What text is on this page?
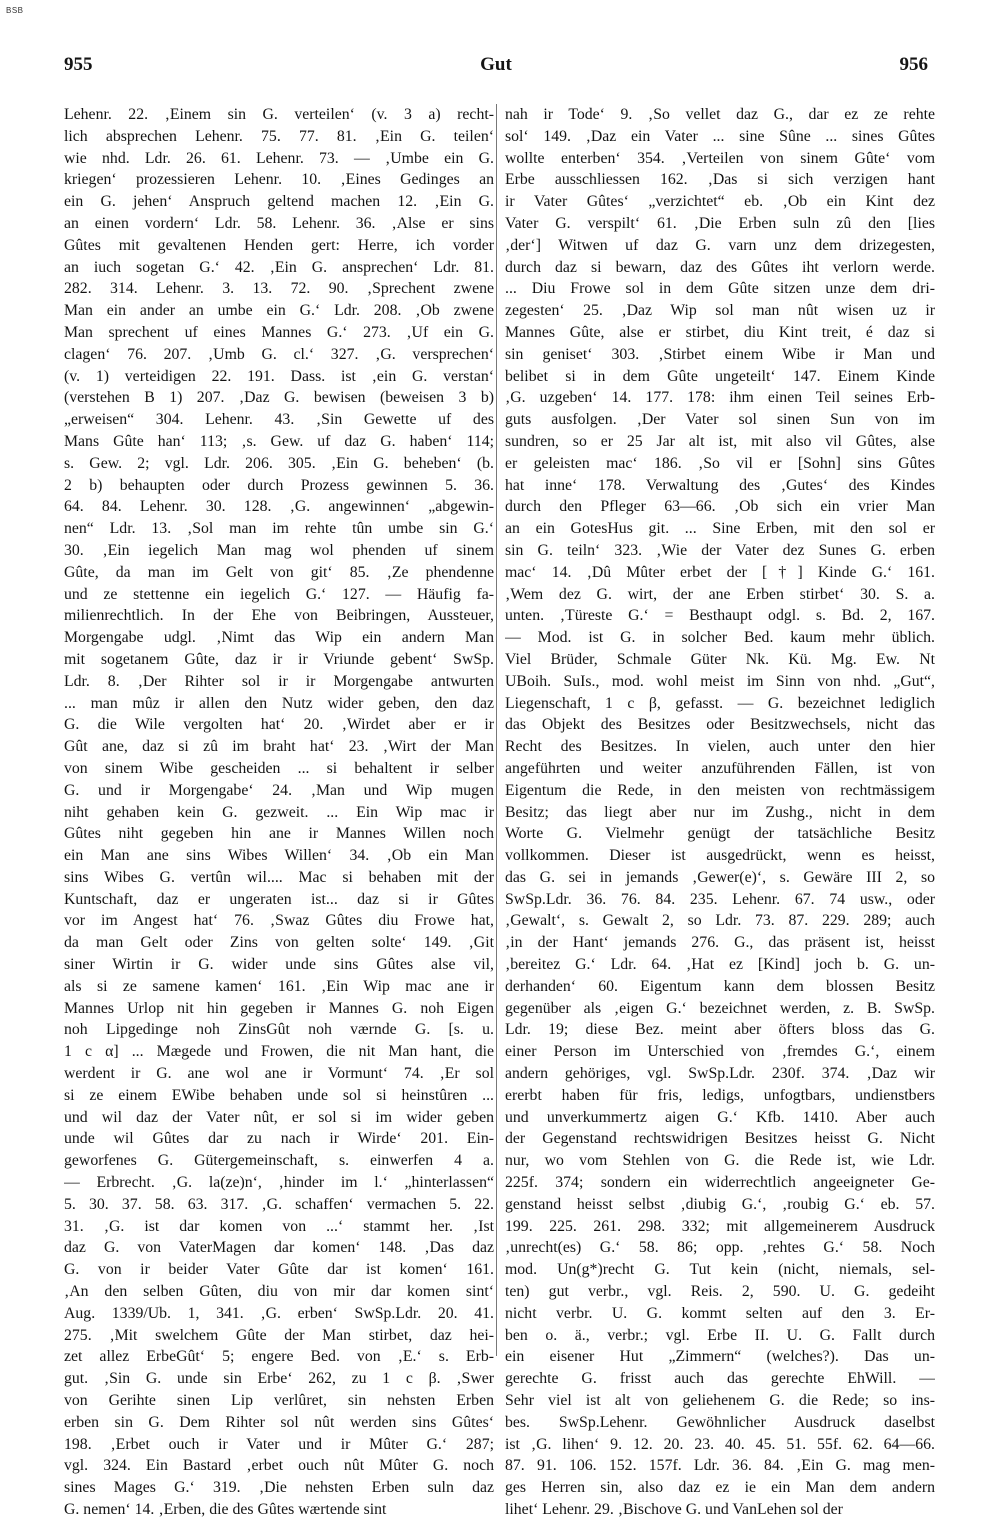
BSB
955	Gut	956
Lehenr. 22. ‚Einem sin G. verteilen‘ (v. 3 a) recht-
lich absprechen Lehenr. 75. 77. 81. ‚Ein G. teilen‘
wie nhd. Ldr. 26. 61. Lehenr. 73. — ‚Umbe ein G.
kriegen‘ prozessieren Lehenr. 10. ‚Eines Gedinges an
ein G. jehen‘ Anspruch geltend machen 12. ‚Ein G.
an einen vordern‘ Ldr. 58. Lehenr. 36. ‚Alse er sins
Gûtes mit gevaltenen Henden gert: Herre, ich vorder
an iuch sogetan G.‘ 42. ‚Ein G. ansprechen‘ Ldr. 81.
282. 314. Lehenr. 3. 13. 72. 90. ‚Sprechent zwene
Man ein ander an umbe ein G.‘ Ldr. 208. ‚Ob zwene
Man sprechent uf eines Mannes G.‘ 273. ‚Uf ein G.
clagen‘ 76. 207. ‚Umb G. cl.‘ 327. ‚G. versprechen‘
(v. 1) verteidigen 22. 191. Dass. ist ‚ein G. verstan‘
(verstehen B 1) 207. ‚Daz G. bewisen (beweisen 3 b)
„erweisen“ 304. Lehenr. 43. ‚Sin Gewette uf des
Mans Gûte han‘ 113; ‚s. Gew. uf daz G. haben‘ 114;
s. Gew. 2; vgl. Ldr. 206. 305. ‚Ein G. beheben‘ (b.
2 b) behaupten oder durch Prozess gewinnen 5. 36.
64. 84. Lehenr. 30. 128. ‚G. angewinnen‘ „abgewin-
nen“ Ldr. 13. ‚Sol man im rehte tûn umbe sin G.‘
30. ‚Ein iegelich Man mag wol phenden uf sinem
Gûte, da man im Gelt von git‘ 85. ‚Ze phendenne
und ze stettenne ein iegelich G.‘ 127. — Häufig fa-
milienrechtlich. In der Ehe von Beibringen, Aussteuer,
Morgengabe udgl. ‚Nimt das Wip ein andern Man
mit sogetanem Gûte, daz ir ir Vriunde gebent‘ SwSp.
Ldr. 8. ‚Der Rihter sol ir ir Morgengabe antwurten
... man mûz ir allen den Nutz wider geben, den daz
G. die Wile vergolten hat‘ 20. ‚Wirdet aber er ir
Gût ane, daz si zû im braht hat‘ 23. ‚Wirt der Man
von sinem Wibe gescheiden ... si behaltent ir selber
G. und ir Morgengabe‘ 24. ‚Man und Wip mugen
niht gehaben kein G. gezweit. ... Ein Wip mac ir
Gûtes niht gegeben hin ane ir Mannes Willen noch
ein Man ane sins Wibes Willen‘ 34. ‚Ob ein Man
sins Wibes G. vertûn wil.... Mac si behaben mit der
Kuntschaft, daz er ungeraten ist... daz si ir Gûtes
vor im Angest hat‘ 76. ‚Swaz Gûtes diu Frowe hat,
da man Gelt oder Zins von gelten solte‘ 149. ‚Git
siner Wirtin ir G. wider unde sins Gûtes alse vil,
als si ze samene kamen‘ 161. ‚Ein Wip mac ane ir
Mannes Urlop nit hin gegeben ir Mannes G. noh Eigen
noh Lipgedinge noh ZinsGût noh værnde G. [s. u.
1 c α] ... Mægede und Frowen, die nit Man hant, die
werdent ir G. ane wol ane ir Vormunt‘ 74. ‚Er sol
si ze einem EWibe behaben unde sol si heinstûren ...
und wil daz der Vater nût, er sol si im wider geben
unde wil Gûtes dar zu nach ir Wirde‘ 201. Ein-
geworfenes G. Gütergemeinschaft, s. einwerfen 4 a.
— Erbrecht. ‚G. la(ze)n‘, ‚hinder im l.‘ „hinterlassen“
5. 30. 37. 58. 63. 317. ‚G. schaffen‘ vermachen 5. 22.
31. ‚G. ist dar komen von ...‘ stammt her. ‚Ist
daz G. von VaterMagen dar komen‘ 148. ‚Das daz
G. von ir beider Vater Gûte dar ist komen‘ 161.
‚An den selben Gûten, diu von mir dar komen sint‘
Aug. 1339/Ub. 1, 341. ‚G. erben‘ SwSp.Ldr. 20. 41.
275. ‚Mit swelchem Gûte der Man stirbet, daz hei-
zet allez ErbeGût‘ 5; engere Bed. von ‚E.‘ s. Erb-
gut. ‚Sin G. unde sin Erbe‘ 262, zu 1 c β. ‚Swer
von Gerihte sinen Lip verlûret, sin nehsten Erben
erben sin G. Dem Rihter sol nût werden sins Gûtes‘
198. ‚Erbet ouch ir Vater und ir Mûter G.‘ 287;
vgl. 324. Ein Bastard ‚erbet ouch nût Mûter G. noch
sines Mages G.‘ 319. ‚Die nehsten Erben suln daz
G. nemen‘ 14. ‚Erben, die des Gûtes wærtende sint
nah ir Tode‘ 9. ‚So vellet daz G., dar ez ze rehte
sol‘ 149. ‚Daz ein Vater ... sine Sûne ... sines Gûtes
wollte enterben‘ 354. ‚Verteilen von sinem Gûte‘ vom
Erbe ausschliessen 162. ‚Das si sich verzigen hant
ir Vater Gûtes‘ „verzichtet“ eb. ‚Ob ein Kint dez
Vater G. verspilt‘ 61. ‚Die Erben suln zû den [lies
‚der‘] Witwen uf daz G. varn unz dem drizegesten,
durch daz si bewarn, daz des Gûtes iht verlorn werde.
... Diu Frowe sol in dem Gûte sitzen unze dem dri-
zegesten‘ 25. ‚Daz Wip sol man nût wisen uz ir
Mannes Gûte, alse er stirbet, diu Kint treit, é daz si
sin geniset‘ 303. ‚Stirbet einem Wibe ir Man und
belibet si in dem Gûte ungeteilt‘ 147. Einem Kinde
‚G. uzgeben‘ 14. 177. 178: ihm einen Teil seines Erb-
guts ausfolgen. ‚Der Vater sol sinen Sun von im
sundren, so er 25 Jar alt ist, mit also vil Gûtes, alse
er geleisten mac‘ 186. ‚So vil er [Sohn] sins Gûtes
hat inne‘ 178. Verwaltung des ‚Gutes‘ des Kindes
durch den Pfleger 63—66. ‚Ob sich ein vrier Man
an ein GotesHus git. ... Sine Erben, mit den sol er
sin G. teiln‘ 323. ‚Wie der Vater dez Sunes G. erben
mac‘ 14. ‚Dû Mûter erbet der [†] Kinde G.‘ 161.
‚Wem dez G. wirt, der ane Erben stirbet‘ 30. S. a.
unten. ‚Türeste G.‘ = Besthaupt odgl. s. Bd. 2, 167.
— Mod. ist G. in solcher Bed. kaum mehr üblich.
Viel Brüder, Schmale Güter Nk. Kü. Mg. Ew. Nt
UBoih. SuIs., mod. wohl meist im Sinn von nhd. „Gut“,
Liegenschaft, 1 c β, gefasst. — G. bezeichnet lediglich
das Objekt des Besitzes oder Besitzwechsels, nicht das
Recht des Besitzes. In vielen, auch unter den hier
angeführten und weiter anzuführenden Fällen, ist von
Eigentum die Rede, in den meisten von rechtmässigem
Besitz; das liegt aber nur im Zushg., nicht in dem
Worte G. Vielmehr genügt der tatsächliche Besitz
vollkommen. Dieser ist ausgedrückt, wenn es heisst,
das G. sei in jemands ‚Gewer(e)‘, s. Gewäre III 2, so
SwSp.Ldr. 36. 76. 84. 235. Lehenr. 67. 74 usw., oder
‚Gewalt‘, s. Gewalt 2, so Ldr. 73. 87. 229. 289; auch
‚in der Hant‘ jemands 276. G., das präsent ist, heisst
‚bereitez G.‘ Ldr. 64. ‚Hat ez [Kind] joch b. G. un-
derhanden‘ 60. Eigentum kann dem blossen Besitz
gegenüber als ‚eigen G.‘ bezeichnet werden, z. B. SwSp.
Ldr. 19; diese Bez. meint aber öfters bloss das G.
einer Person im Unterschied von ‚fremdes G.‘, einem
andern gehöriges, vgl. SwSp.Ldr. 230f. 374. ‚Daz wir
ererbt haben für fris, ledigs, unfogtbars, undienstbers
und unverkummertz aigen G.‘ Kfb. 1410. Aber auch
der Gegenstand rechtswidrigen Besitzes heisst G. Nicht
nur, wo vom Stehlen von G. die Rede ist, wie Ldr.
225f. 374; sondern ein widerrechtlich angeeigneter Ge-
genstand heisst selbst ‚diubig G.‘, ‚roubig G.‘ eb. 57.
199. 225. 261. 298. 332; mit allgemeinerem Ausdruck
‚unrecht(es) G.‘ 58. 86; opp. ‚rehtes G.‘ 58. Noch
mod. Un(g*)recht G. Tut kein (nicht, niemals, sel-
ten) gut verbr., vgl. Reis. 2, 590. U. G. gedeiht
nicht verbr. U. G. kommt selten auf den 3. Er-
ben o. ä., verbr.; vgl. Erbe II. U. G. Fallt durch
ein eisener Hut „Zimmern“ (welches?). Das un-
gerechte G. frisst auch das gerechte EhWill. —
Sehr viel ist alt von geliehenem G. die Rede; so ins-
bes. SwSp.Lehenr. Gewöhnlicher Ausdruck daselbst
ist ‚G. lihen‘ 9. 12. 20. 23. 40. 45. 51. 55f. 62. 64—66.
87. 91. 106. 152. 157f. Ldr. 36. 84. ‚Ein G. mag men-
ges Herren sin, also daz ez ie ein Man dem andern
lihet‘ Lehenr. 29. ‚Bischove G. und VanLehen sol der
